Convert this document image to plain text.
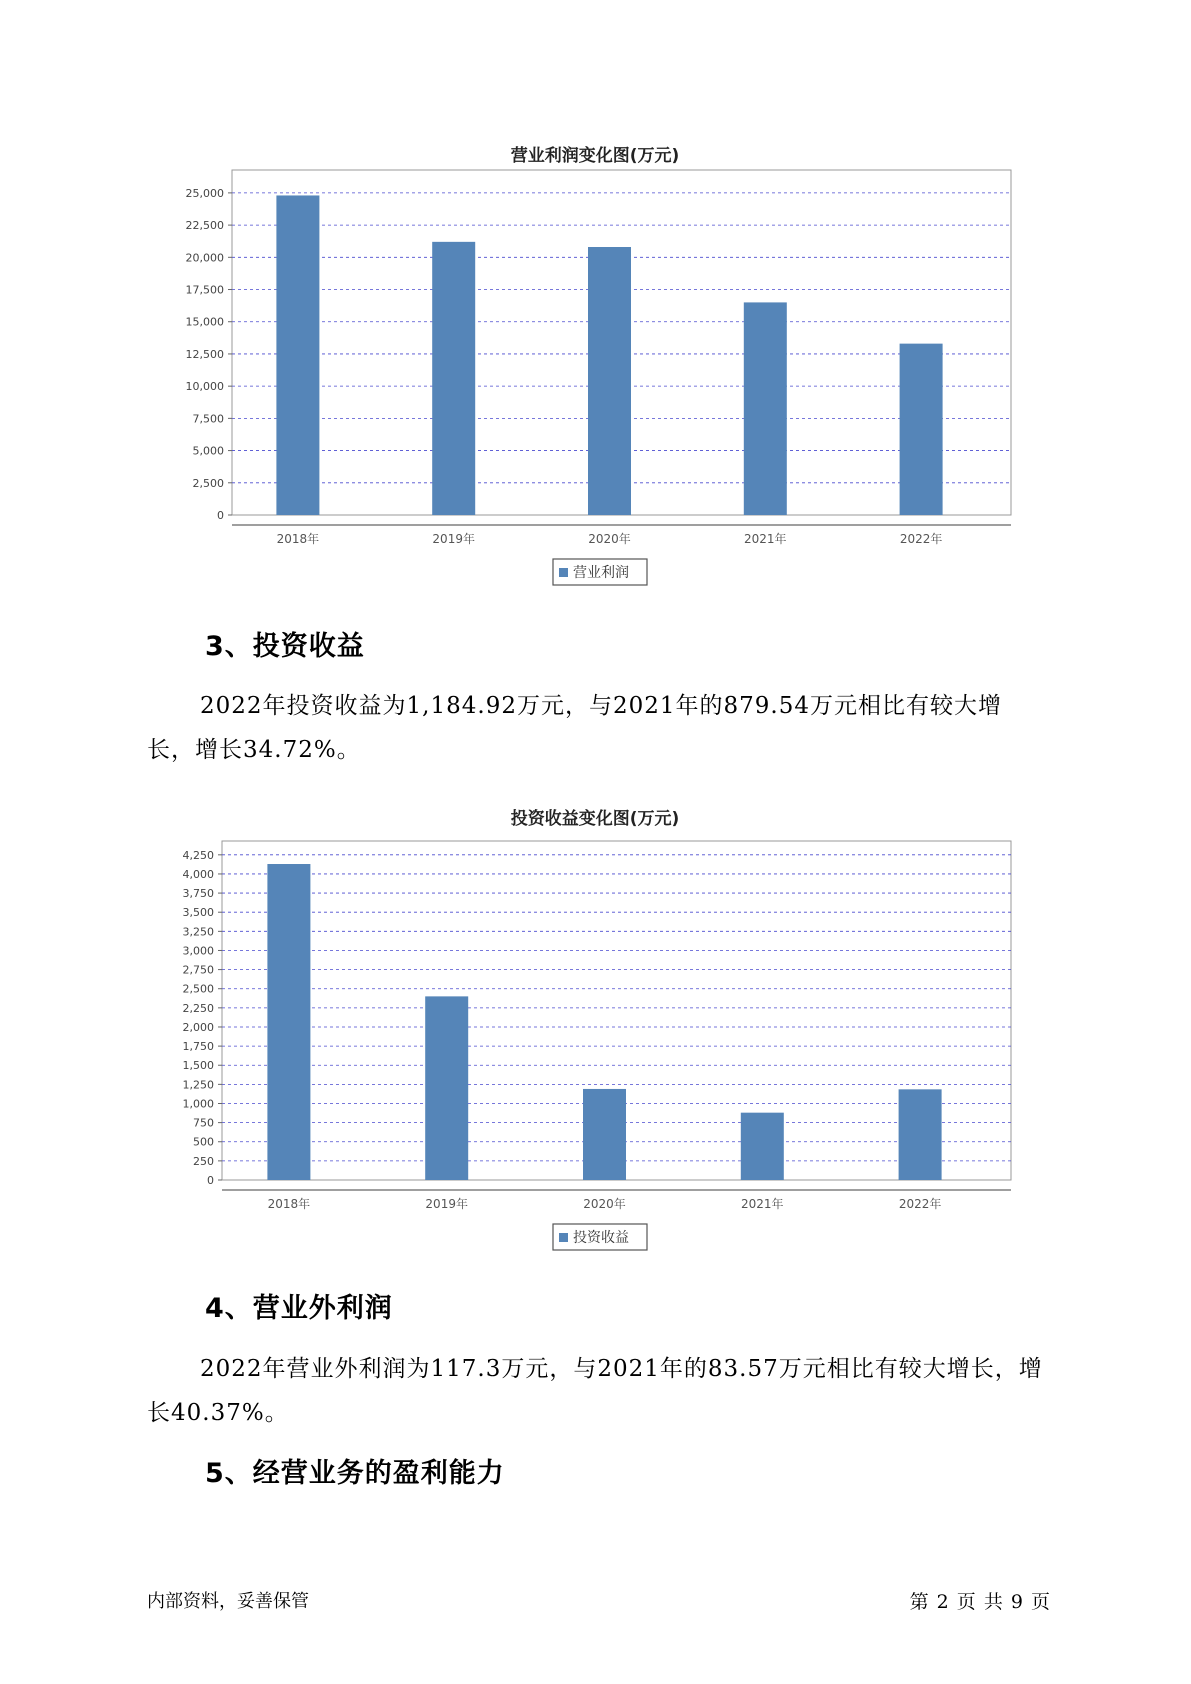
营业利润变化图(万元)
0
2,500
5,000
7,500
10,000
12,500
15,000
17,500
20,000
22,500
25,000
2018年	2019年	2020年	2021年	2022年
营业利润
3、投资收益

2022年投资收益为1,184.92万元，与2021年的879.54万元相比有较大增长，增长34.72%。

投资收益变化图(万元)
0
250
500
750
1,000
1,250
1,500
1,750
2,000
2,250
2,500
2,750
3,000
3,250
3,500
3,750
4,000
4,250
2018年	2019年	2020年	2021年	2022年
投资收益
4、营业外利润

2022年营业外利润为117.3万元，与2021年的83.57万元相比有较大增长，增长40.37%。

5、经营业务的盈利能力
内部资料，妥善保管	第 2 页 共 9 页
